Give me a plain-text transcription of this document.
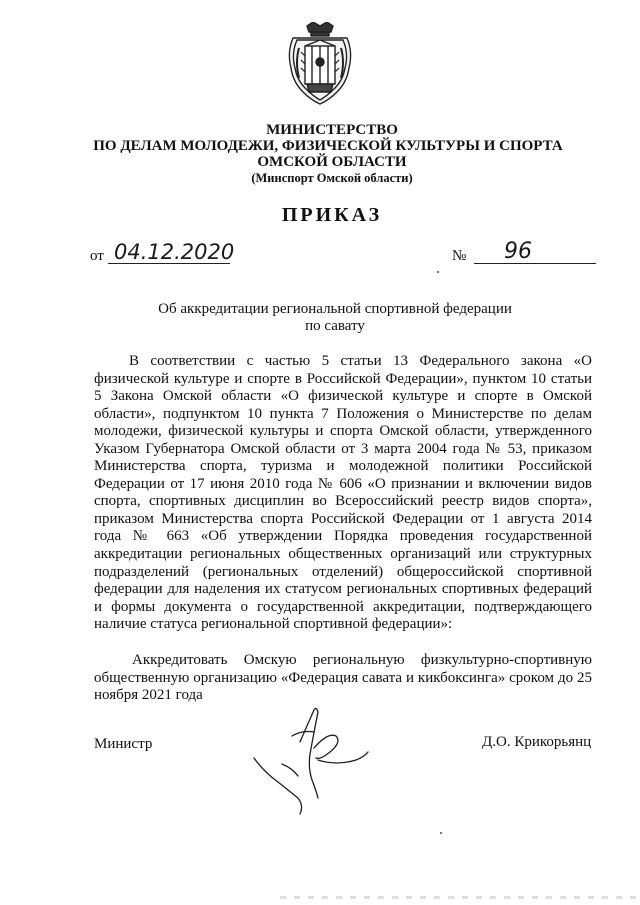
МИНИСТЕРСТВО
ПО ДЕЛАМ МОЛОДЕЖИ, ФИЗИЧЕСКОЙ КУЛЬТУРЫ И СПОРТА
ОМСКОЙ ОБЛАСТИ
(Минспорт Омской области)
ПРИКАЗ
от 04.12.2020	№ 96
Об аккредитации региональной спортивной федерации
по савату

В соответствии с частью 5 статьи 13 Федерального закона «О физической культуре и спорте в Российской Федерации», пунктом 10 статьи 5 Закона Омской области «О физической культуре и спорте в Омской области», подпунктом 10 пункта 7 Положения о Министерстве по делам молодежи, физической культуры и спорта Омской области, утвержденного Указом Губернатора Омской области от 3 марта 2004 года № 53, приказом Министерства спорта, туризма и молодежной политики Российской Федерации от 17 июня 2010 года № 606 «О признании и включении видов спорта, спортивных дисциплин во Всероссийский реестр видов спорта», приказом Министерства спорта Российской Федерации от 1 августа 2014 года № 663 «Об утверждении Порядка проведения государственной аккредитации региональных общественных организаций или структурных подразделений (региональных отделений) общероссийской спортивной федерации для наделения их статусом региональных спортивных федераций и формы документа о государственной аккредитации, подтверждающего наличие статуса региональной спортивной федерации»:

Аккредитовать Омскую региональную физкультурно-спортивную общественную организацию «Федерация савата и кикбоксинга» сроком до 25 ноября 2021 года

Министр	Д.О. Крикорьянц
